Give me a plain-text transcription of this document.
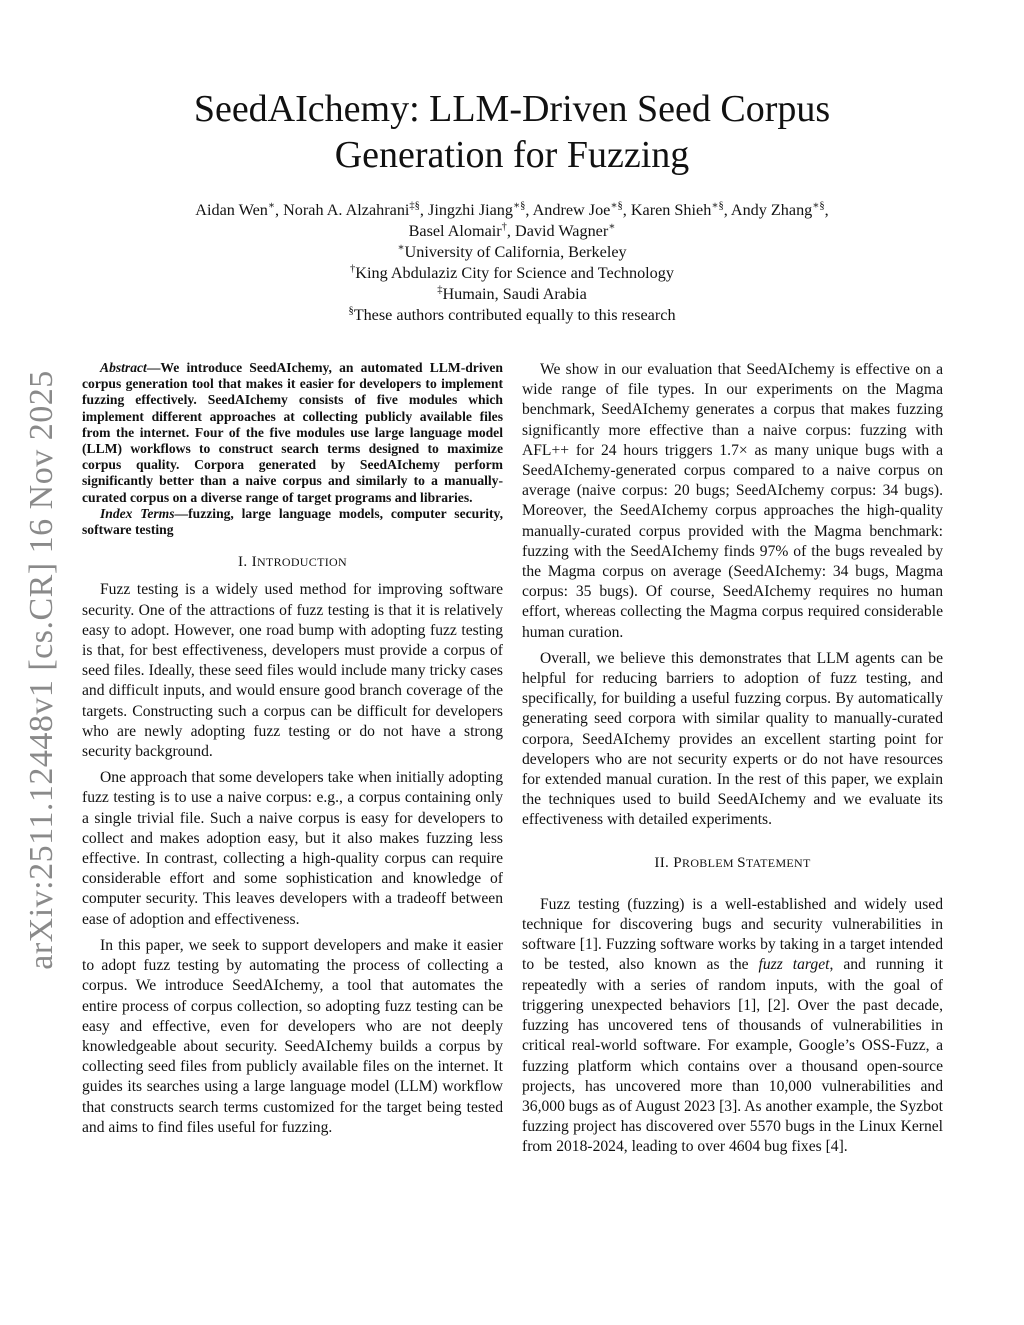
arXiv:2511.12448v1 [cs.CR] 16 Nov 2025
SeedAIchemy: LLM-Driven Seed Corpus
Generation for Fuzzing
Aidan Wen∗, Norah A. Alzahrani‡§, Jingzhi Jiang∗§, Andrew Joe∗§, Karen Shieh∗§, Andy Zhang∗§,
Basel Alomair†, David Wagner∗
∗University of California, Berkeley
†King Abdulaziz City for Science and Technology
‡Humain, Saudi Arabia
§These authors contributed equally to this research

Abstract—We introduce SeedAIchemy, an automated LLM-driven corpus generation tool that makes it easier for developers to implement fuzzing effectively. SeedAIchemy consists of five modules which implement different approaches at collecting publicly available files from the internet. Four of the five modules use large language model (LLM) workflows to construct search terms designed to maximize corpus quality. Corpora generated by SeedAIchemy perform significantly better than a naive corpus and similarly to a manually-curated corpus on a diverse range of target programs and libraries.

Index Terms—fuzzing, large language models, computer security, software testing

I. INTRODUCTION

Fuzz testing is a widely used method for improving software security. One of the attractions of fuzz testing is that it is relatively easy to adopt. However, one road bump with adopting fuzz testing is that, for best effectiveness, developers must provide a corpus of seed files. Ideally, these seed files would include many tricky cases and difficult inputs, and would ensure good branch coverage of the targets. Constructing such a corpus can be difficult for developers who are newly adopting fuzz testing or do not have a strong security background.

One approach that some developers take when initially adopting fuzz testing is to use a naive corpus: e.g., a corpus containing only a single trivial file. Such a naive corpus is easy for developers to collect and makes adoption easy, but it also makes fuzzing less effective. In contrast, collecting a high-quality corpus can require considerable effort and some sophistication and knowledge of computer security. This leaves developers with a tradeoff between ease of adoption and effectiveness.

In this paper, we seek to support developers and make it easier to adopt fuzz testing by automating the process of collecting a corpus. We introduce SeedAIchemy, a tool that automates the entire process of corpus collection, so adopting fuzz testing can be easy and effective, even for developers who are not deeply knowledgeable about security. SeedAIchemy builds a corpus by collecting seed files from publicly available files on the internet. It guides its searches using a large language model (LLM) workflow that constructs search terms customized for the target being tested and aims to find files useful for fuzzing.

We show in our evaluation that SeedAIchemy is effective on a wide range of file types. In our experiments on the Magma benchmark, SeedAIchemy generates a corpus that makes fuzzing significantly more effective than a naive corpus: fuzzing with AFL++ for 24 hours triggers 1.7× as many unique bugs with a SeedAIchemy-generated corpus compared to a naive corpus on average (naive corpus: 20 bugs; SeedAIchemy corpus: 34 bugs). Moreover, the SeedAIchemy corpus approaches the high-quality manually-curated corpus provided with the Magma benchmark: fuzzing with the SeedAIchemy finds 97% of the bugs revealed by the Magma corpus on average (SeedAIchemy: 34 bugs, Magma corpus: 35 bugs). Of course, SeedAIchemy requires no human effort, whereas collecting the Magma corpus required considerable human curation.

Overall, we believe this demonstrates that LLM agents can be helpful for reducing barriers to adoption of fuzz testing, and specifically, for building a useful fuzzing corpus. By automatically generating seed corpora with similar quality to manually-curated corpora, SeedAIchemy provides an excellent starting point for developers who are not security experts or do not have resources for extended manual curation. In the rest of this paper, we explain the techniques used to build SeedAIchemy and we evaluate its effectiveness with detailed experiments.

II. PROBLEM STATEMENT

Fuzz testing (fuzzing) is a well-established and widely used technique for discovering bugs and security vulnerabilities in software [1]. Fuzzing software works by taking in a target intended to be tested, also known as the fuzz target, and running it repeatedly with a series of random inputs, with the goal of triggering unexpected behaviors [1], [2]. Over the past decade, fuzzing has uncovered tens of thousands of vulnerabilities in critical real-world software. For example, Google’s OSS-Fuzz, a fuzzing platform which contains over a thousand open-source projects, has uncovered more than 10,000 vulnerabilities and 36,000 bugs as of August 2023 [3]. As another example, the Syzbot fuzzing project has discovered over 5570 bugs in the Linux Kernel from 2018-2024, leading to over 4604 bug fixes [4].
